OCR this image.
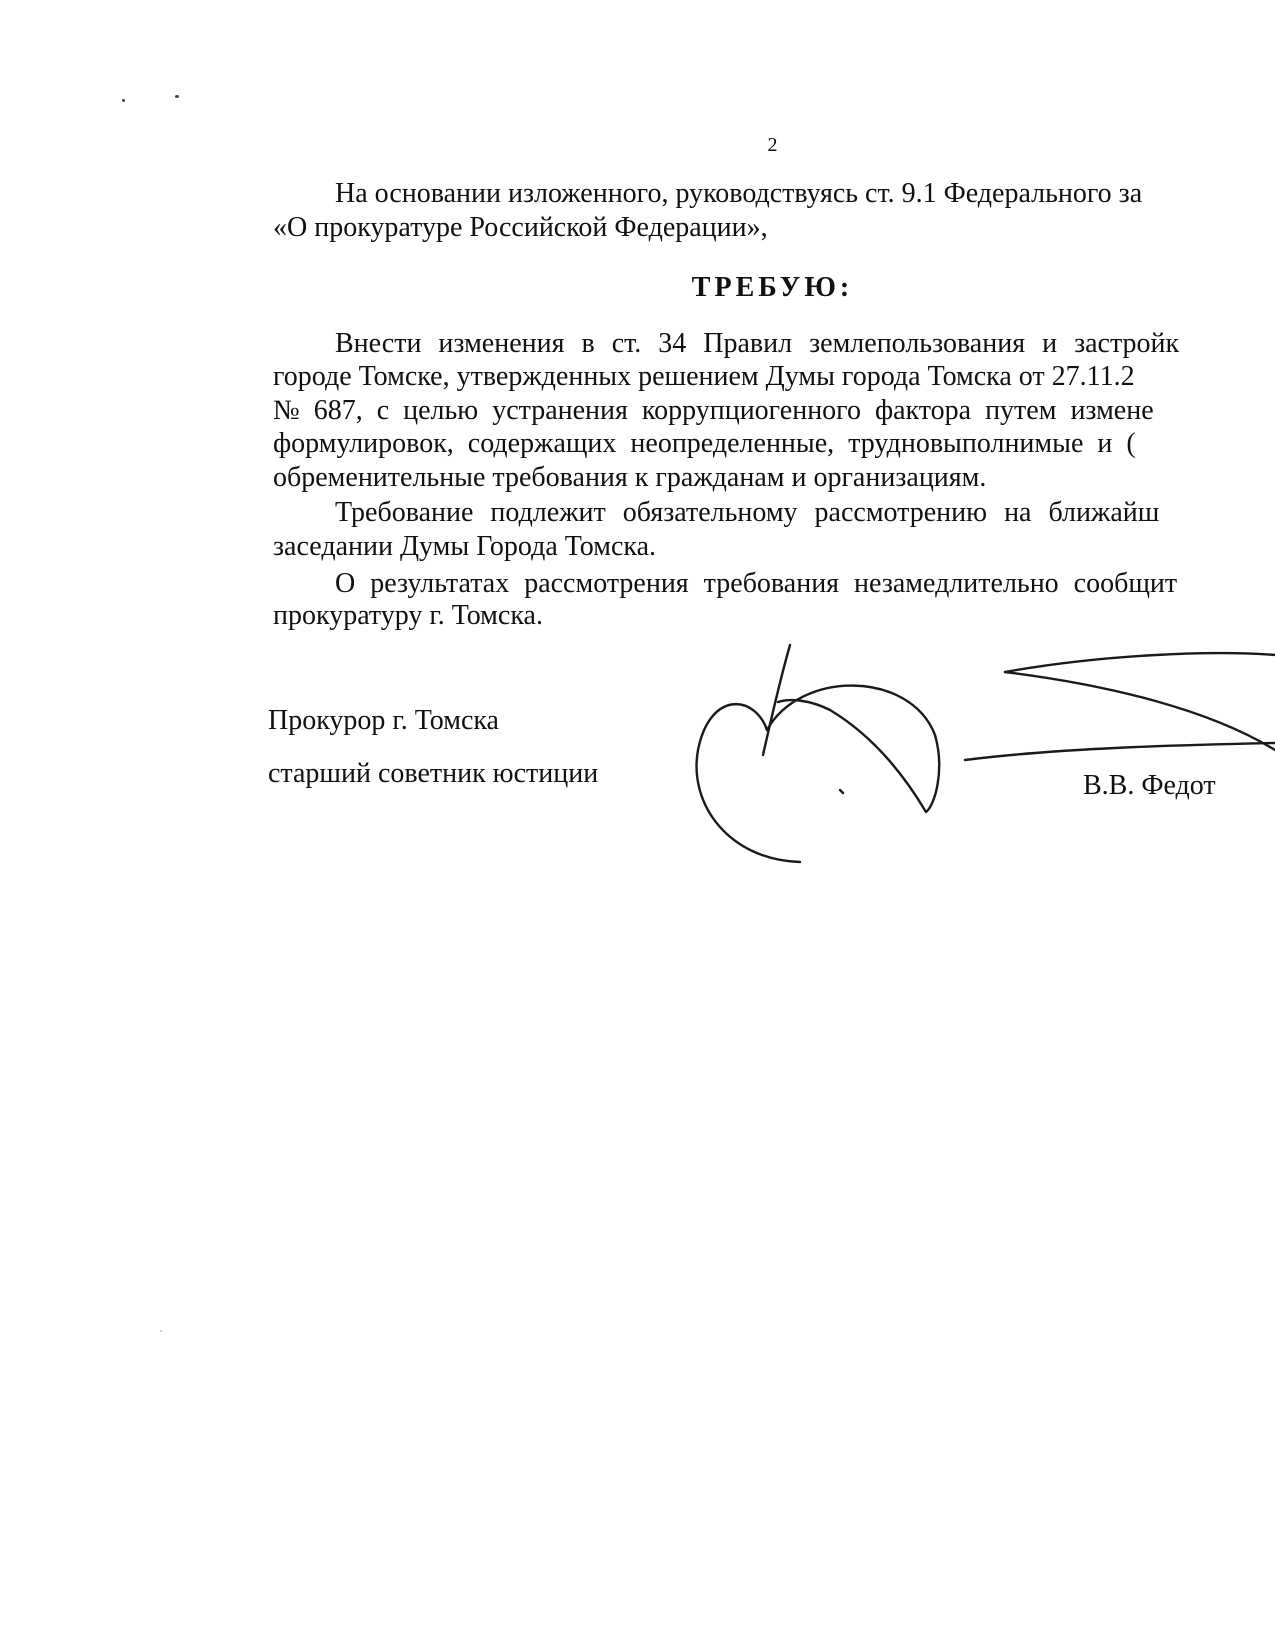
2
На основании изложенного, руководствуясь ст. 9.1 Федерального за
«О прокуратуре Российской Федерации»,
ТРЕБУЮ:
Внести изменения в ст. 34 Правил землепользования и застройк
городе Томске, утвержденных решением Думы города Томска от 27.11.2
№ 687, с целью устранения коррупциогенного фактора путем измене
формулировок, содержащих неопределенные, трудновыполнимые и (
обременительные требования к гражданам и организациям.
Требование подлежит обязательному рассмотрению на ближайш
заседании Думы Города Томска.
О результатах рассмотрения требования незамедлительно сообщит
прокуратуру г. Томска.
Прокурор г. Томска
старший советник юстиции	В.В. Федот
